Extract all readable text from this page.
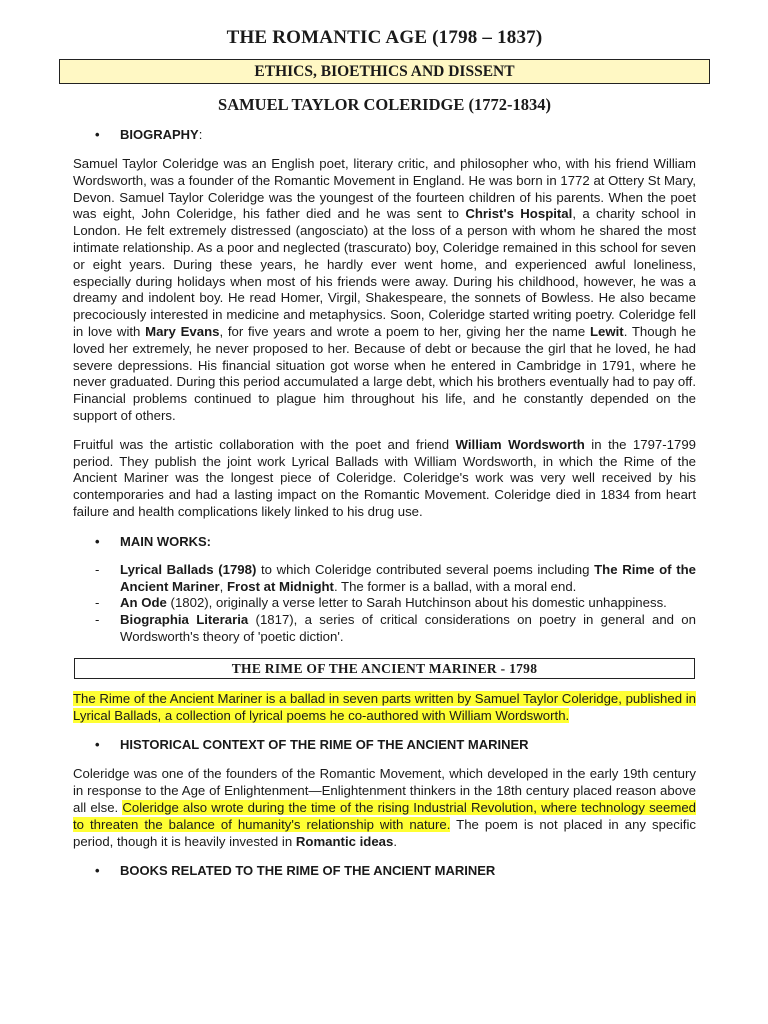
THE ROMANTIC AGE (1798 – 1837)
ETHICS, BIOETHICS AND DISSENT
SAMUEL TAYLOR COLERIDGE (1772-1834)
• BIOGRAPHY:

Samuel Taylor Coleridge was an English poet, literary critic, and philosopher who, with his friend William Wordsworth, was a founder of the Romantic Movement in England. He was born in 1772 at Ottery St Mary, Devon. Samuel Taylor Coleridge was the youngest of the fourteen children of his parents. When the poet was eight, John Coleridge, his father died and he was sent to Christ's Hospital, a charity school in London. He felt extremely distressed (angosciato) at the loss of a person with whom he shared the most intimate relationship. As a poor and neglected (trascurato) boy, Coleridge remained in this school for seven or eight years. During these years, he hardly ever went home, and experienced awful loneliness, especially during holidays when most of his friends were away. During his childhood, however, he was a dreamy and indolent boy. He read Homer, Virgil, Shakespeare, the sonnets of Bowless. He also became precociously interested in medicine and metaphysics. Soon, Coleridge started writing poetry. Coleridge fell in love with Mary Evans, for five years and wrote a poem to her, giving her the name Lewit. Though he loved her extremely, he never proposed to her. Because of debt or because the girl that he loved, he had severe depressions. His financial situation got worse when he entered in Cambridge in 1791, where he never graduated. During this period accumulated a large debt, which his brothers eventually had to pay off. Financial problems continued to plague him throughout his life, and he constantly depended on the support of others.

Fruitful was the artistic collaboration with the poet and friend William Wordsworth in the 1797-1799 period. They publish the joint work Lyrical Ballads with William Wordsworth, in which the Rime of the Ancient Mariner was the longest piece of Coleridge. Coleridge's work was very well received by his contemporaries and had a lasting impact on the Romantic Movement. Coleridge died in 1834 from heart failure and health complications likely linked to his drug use.

• MAIN WORKS:
- Lyrical Ballads (1798) to which Coleridge contributed several poems including The Rime of the Ancient Mariner, Frost at Midnight. The former is a ballad, with a moral end.
- An Ode (1802), originally a verse letter to Sarah Hutchinson about his domestic unhappiness.
- Biographia Literaria (1817), a series of critical considerations on poetry in general and on Wordsworth's theory of 'poetic diction'.
THE RIME OF THE ANCIENT MARINER - 1798

The Rime of the Ancient Mariner is a ballad in seven parts written by Samuel Taylor Coleridge, published in Lyrical Ballads, a collection of lyrical poems he co-authored with William Wordsworth.

• HISTORICAL CONTEXT OF THE RIME OF THE ANCIENT MARINER

Coleridge was one of the founders of the Romantic Movement, which developed in the early 19th century in response to the Age of Enlightenment—Enlightenment thinkers in the 18th century placed reason above all else. Coleridge also wrote during the time of the rising Industrial Revolution, where technology seemed to threaten the balance of humanity's relationship with nature. The poem is not placed in any specific period, though it is heavily invested in Romantic ideas.

• BOOKS RELATED TO THE RIME OF THE ANCIENT MARINER
